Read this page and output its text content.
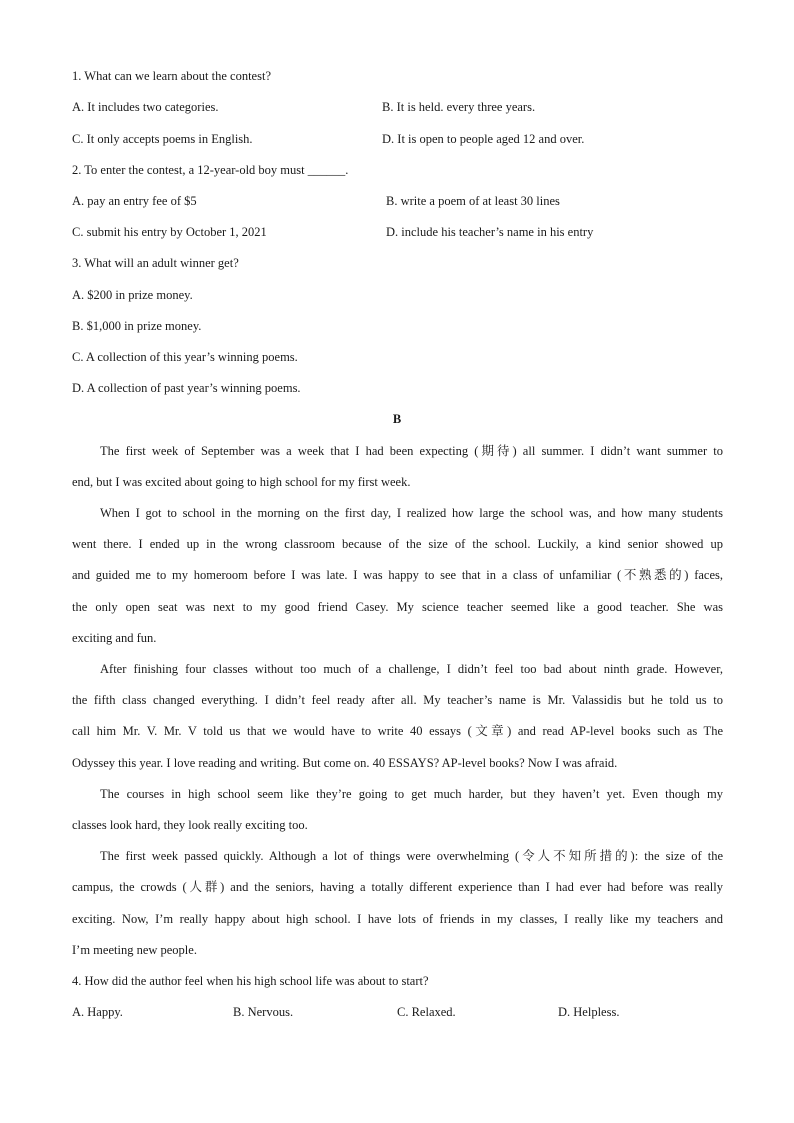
1. What can we learn about the contest?
A. It includes two categories.	B. It is held. every three years.
C. It only accepts poems in English.	D. It is open to people aged 12 and over.
2. To enter the contest, a 12-year-old boy must ______.
A. pay an entry fee of $5	B. write a poem of at least 30 lines
C. submit his entry by October 1, 2021	D. include his teacher’s name in his entry
3. What will an adult winner get?
A. $200 in prize money.
B. $1,000 in prize money.
C. A collection of this year’s winning poems.
D. A collection of past year’s winning poems.
B
The first week of September was a week that I had been expecting (期待) all summer. I didn’t want summer to
end, but I was excited about going to high school for my first week.
When I got to school in the morning on the first day, I realized how large the school was, and how many students
went there. I ended up in the wrong classroom because of the size of the school. Luckily, a kind senior showed up
and guided me to my homeroom before I was late. I was happy to see that in a class of unfamiliar (不熟悉的) faces,
the only open seat was next to my good friend Casey. My science teacher seemed like a good teacher. She was
exciting and fun.
After finishing four classes without too much of a challenge, I didn’t feel too bad about ninth grade. However,
the fifth class changed everything. I didn’t feel ready after all. My teacher’s name is Mr. Valassidis but he told us to
call him Mr. V. Mr. V told us that we would have to write 40 essays (文章) and read AP-level books such as The
Odyssey this year. I love reading and writing. But come on. 40 ESSAYS? AP-level books? Now I was afraid.
The courses in high school seem like they’re going to get much harder, but they haven’t yet. Even though my
classes look hard, they look really exciting too.
The first week passed quickly. Although a lot of things were overwhelming (令人不知所措的): the size of the
campus, the crowds (人群) and the seniors, having a totally different experience than I had ever had before was really
exciting. Now, I’m really happy about high school. I have lots of friends in my classes, I really like my teachers and
I’m meeting new people.
4. How did the author feel when his high school life was about to start?
A. Happy.	B. Nervous.	C. Relaxed.	D. Helpless.
